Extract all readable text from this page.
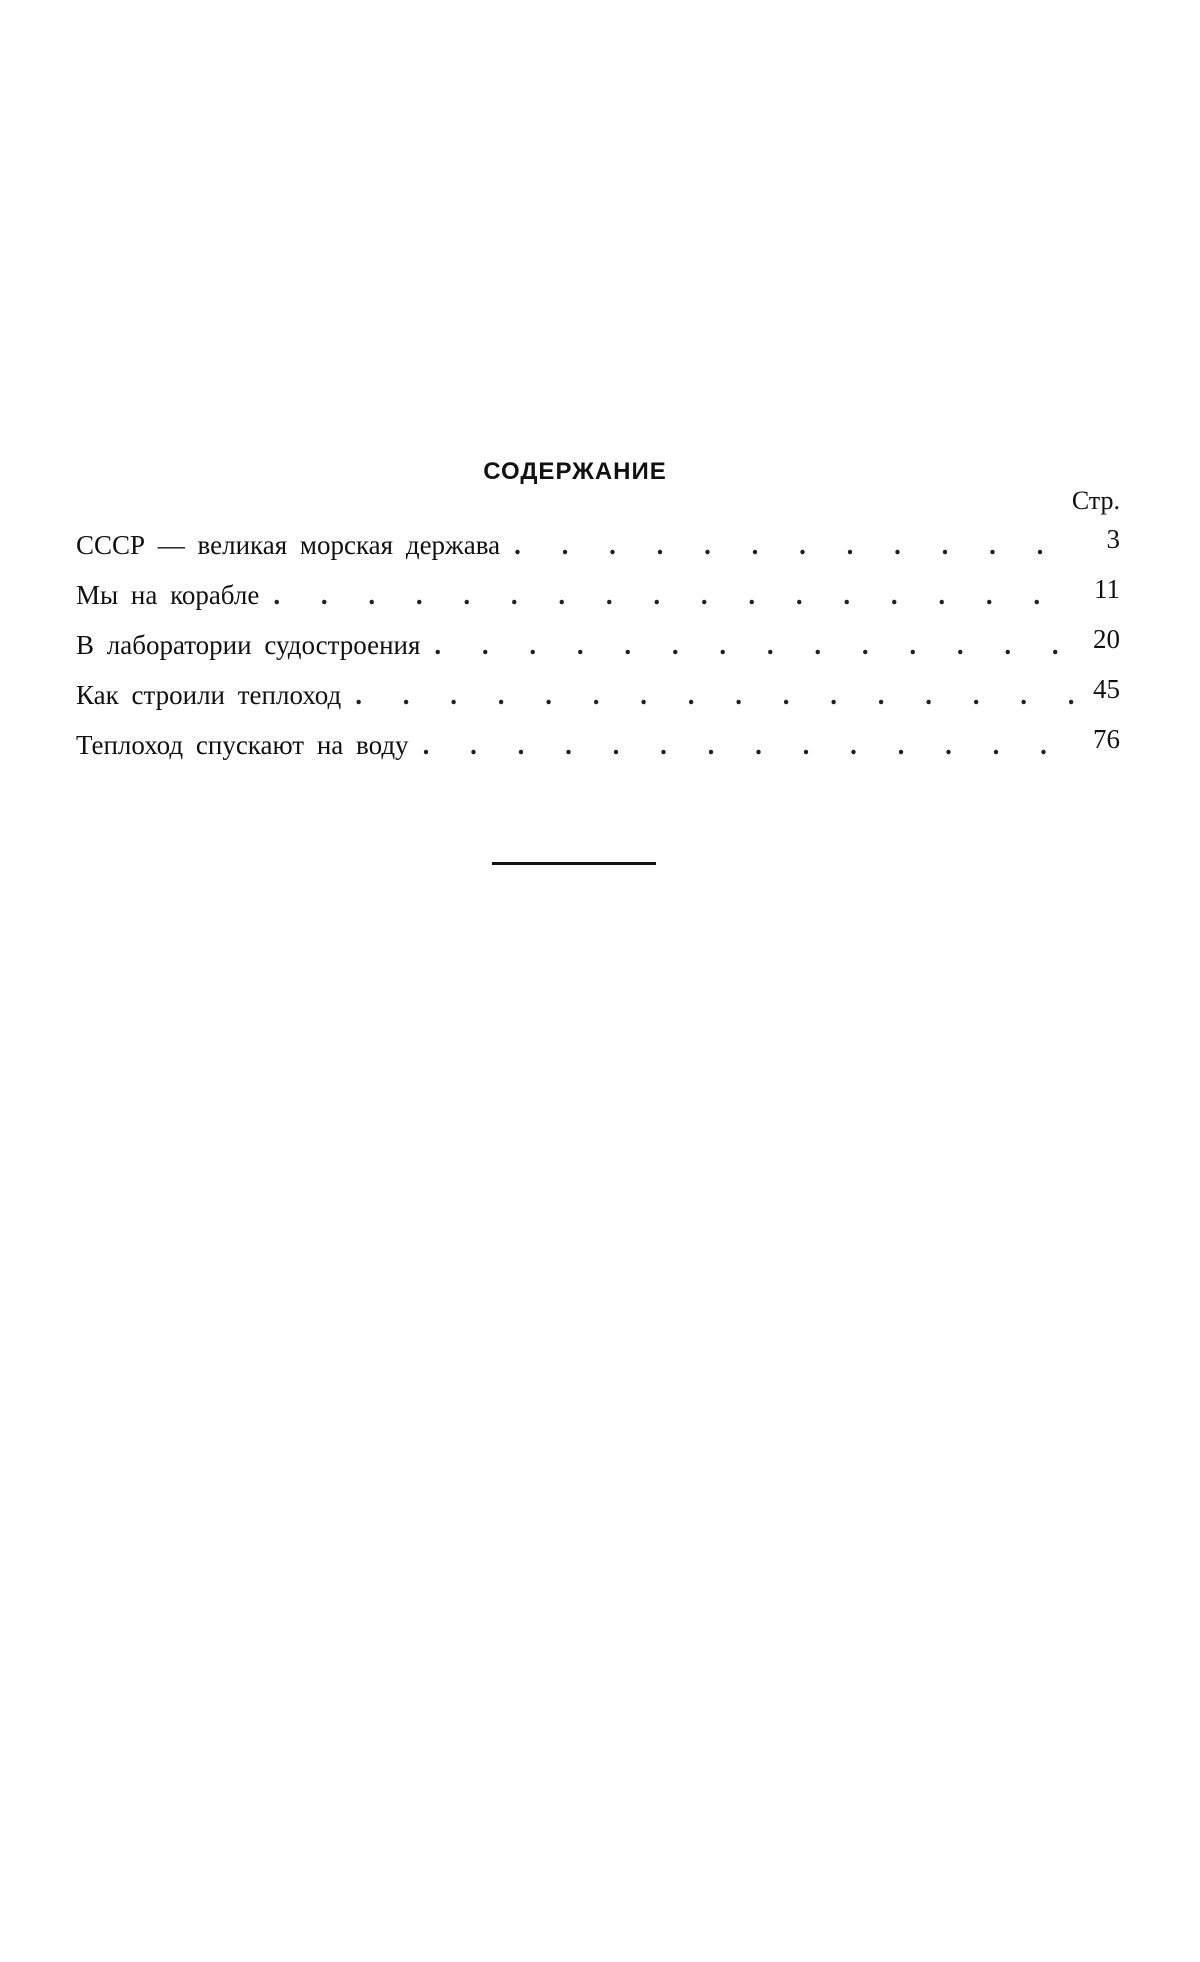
СОДЕРЖАНИЕ
Стр.
СССР — великая морская держава . . .	3
Мы на корабле . . .	11
В лаборатории судостроения . . .	20
Как строили теплоход . . .	45
Теплоход спускают на воду . . .	76
